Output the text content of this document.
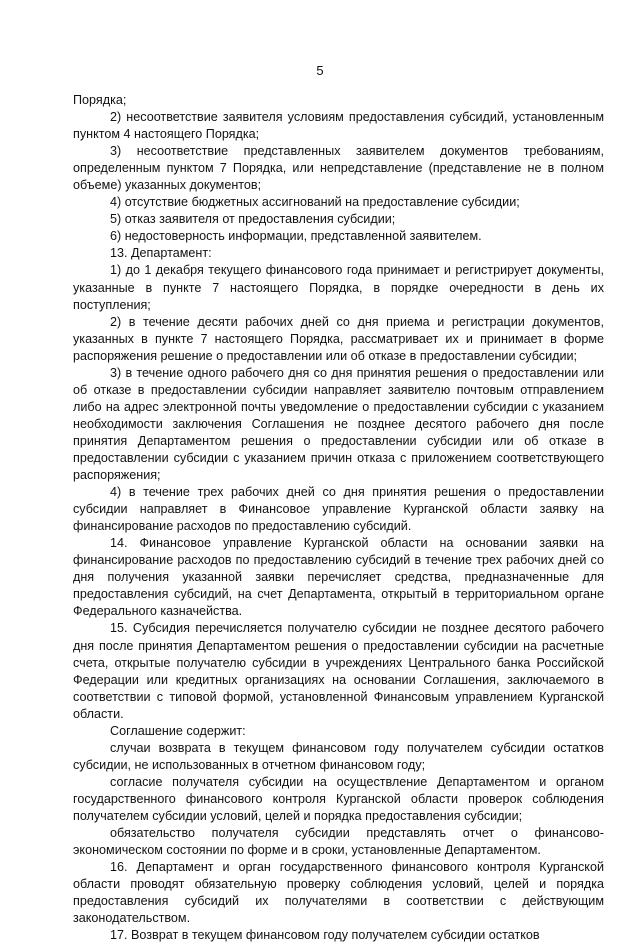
5

Порядка;

2) несоответствие заявителя условиям предоставления субсидий, установленным пунктом 4 настоящего Порядка;

3) несоответствие представленных заявителем документов требованиям, определенным пунктом 7 Порядка, или непредставление (представление не в полном объеме) указанных документов;

4) отсутствие бюджетных ассигнований на предоставление субсидии;

5) отказ заявителя от предоставления субсидии;

6) недостоверность информации, представленной заявителем.

13. Департамент:

1) до 1 декабря текущего финансового года принимает и регистрирует документы, указанные в пункте 7 настоящего Порядка, в порядке очередности в день их поступления;

2) в течение десяти рабочих дней со дня приема и регистрации документов, указанных в пункте 7 настоящего Порядка, рассматривает их и принимает в форме распоряжения решение о предоставлении или об отказе в предоставлении субсидии;

3) в течение одного рабочего дня со дня принятия решения о предоставлении или об отказе в предоставлении субсидии направляет заявителю почтовым отправлением либо на адрес электронной почты уведомление о предоставлении субсидии с указанием необходимости заключения Соглашения не позднее десятого рабочего дня после принятия Департаментом решения о предоставлении субсидии или об отказе в предоставлении субсидии с указанием причин отказа с приложением соответствующего распоряжения;

4) в течение трех рабочих дней со дня принятия решения о предоставлении субсидии направляет в Финансовое управление Курганской области заявку на финансирование расходов по предоставлению субсидий.

14. Финансовое управление Курганской области на основании заявки на финансирование расходов по предоставлению субсидий в течение трех рабочих дней со дня получения указанной заявки перечисляет средства, предназначенные для предоставления субсидий, на счет Департамента, открытый в территориальном органе Федерального казначейства.

15. Субсидия перечисляется получателю субсидии не позднее десятого рабочего дня после принятия Департаментом решения о предоставлении субсидии на расчетные счета, открытые получателю субсидии в учреждениях Центрального банка Российской Федерации или кредитных организациях на основании Соглашения, заключаемого в соответствии с типовой формой, установленной Финансовым управлением Курганской области.

Соглашение содержит:

случаи возврата в текущем финансовом году получателем субсидии остатков субсидии, не использованных в отчетном финансовом году;

согласие получателя субсидии на осуществление Департаментом и органом государственного финансового контроля Курганской области проверок соблюдения получателем субсидии условий, целей и порядка предоставления субсидии;

обязательство получателя субсидии представлять отчет о финансово-экономическом состоянии по форме и в сроки, установленные Департаментом.

16. Департамент и орган государственного финансового контроля Курганской области проводят обязательную проверку соблюдения условий, целей и порядка предоставления субсидий их получателями в соответствии с действующим законодательством.

17. Возврат в текущем финансовом году получателем субсидии остатков
